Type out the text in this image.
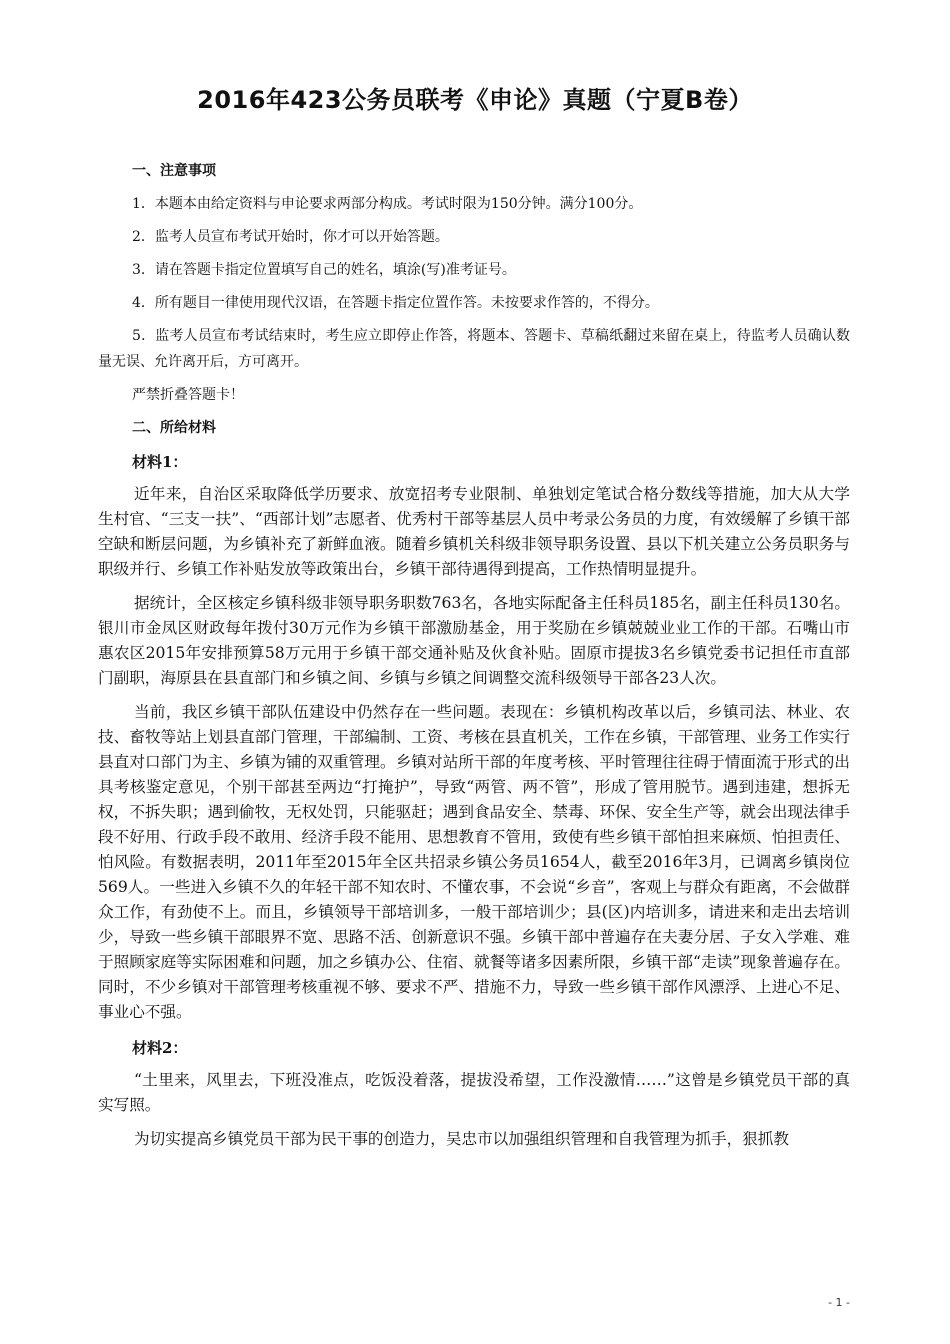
2016年423公务员联考《申论》真题（宁夏B卷）
一、注意事项
1．本题本由给定资料与申论要求两部分构成。考试时限为150分钟。满分100分。
2．监考人员宣布考试开始时，你才可以开始答题。
3．请在答题卡指定位置填写自己的姓名，填涂(写)准考证号。
4．所有题目一律使用现代汉语，在答题卡指定位置作答。未按要求作答的，不得分。
5．监考人员宣布考试结束时，考生应立即停止作答，将题本、答题卡、草稿纸翻过来留在桌上，待监考人员确认数量无误、允许离开后，方可离开。
严禁折叠答题卡！
二、所给材料
材料1：
近年来，自治区采取降低学历要求、放宽招考专业限制、单独划定笔试合格分数线等措施，加大从大学生村官、“三支一扶”、“西部计划”志愿者、优秀村干部等基层人员中考录公务员的力度，有效缓解了乡镇干部空缺和断层问题，为乡镇补充了新鲜血液。随着乡镇机关科级非领导职务设置、县以下机关建立公务员职务与职级并行、乡镇工作补贴发放等政策出台，乡镇干部待遇得到提高，工作热情明显提升。
据统计，全区核定乡镇科级非领导职务职数763名，各地实际配备主任科员185名，副主任科员130名。银川市金凤区财政每年拨付30万元作为乡镇干部激励基金，用于奖励在乡镇兢兢业业工作的干部。石嘴山市惠农区2015年安排预算58万元用于乡镇干部交通补贴及伙食补贴。固原市提拔3名乡镇党委书记担任市直部门副职，海原县在县直部门和乡镇之间、乡镇与乡镇之间调整交流科级领导干部各23人次。
当前，我区乡镇干部队伍建设中仍然存在一些问题。表现在：乡镇机构改革以后，乡镇司法、林业、农技、畜牧等站上划县直部门管理，干部编制、工资、考核在县直机关，工作在乡镇，干部管理、业务工作实行县直对口部门为主、乡镇为铺的双重管理。乡镇对站所干部的年度考核、平时管理往往碍于情面流于形式的出具考核鉴定意见，个别干部甚至两边“打掩护”，导致“两管、两不管”，形成了管用脱节。遇到违建，想拆无权，不拆失职；遇到偷牧，无权处罚，只能驱赶；遇到食品安全、禁毒、环保、安全生产等，就会出现法律手段不好用、行政手段不敢用、经济手段不能用、思想教育不管用，致使有些乡镇干部怕担来麻烦、怕担责任、怕风险。有数据表明，2011年至2015年全区共招录乡镇公务员1654人，截至2016年3月，已调离乡镇岗位569人。一些进入乡镇不久的年轻干部不知农时、不懂农事，不会说“乡音”，客观上与群众有距离，不会做群众工作，有劲使不上。而且，乡镇领导干部培训多，一般干部培训少；县(区)内培训多，请进来和走出去培训少，导致一些乡镇干部眼界不宽、思路不活、创新意识不强。乡镇干部中普遍存在夫妻分居、子女入学难、难于照顾家庭等实际困难和问题，加之乡镇办公、住宿、就餐等诸多因素所限，乡镇干部“走读”现象普遍存在。同时，不少乡镇对干部管理考核重视不够、要求不严、措施不力，导致一些乡镇干部作风漂浮、上进心不足、事业心不强。
材料2：
“土里来，风里去，下班没准点，吃饭没着落，提拔没希望，工作没激情……”这曾是乡镇党员干部的真实写照。
为切实提高乡镇党员干部为民干事的创造力，吴忠市以加强组织管理和自我管理为抓手，狠抓教
- 1 -
